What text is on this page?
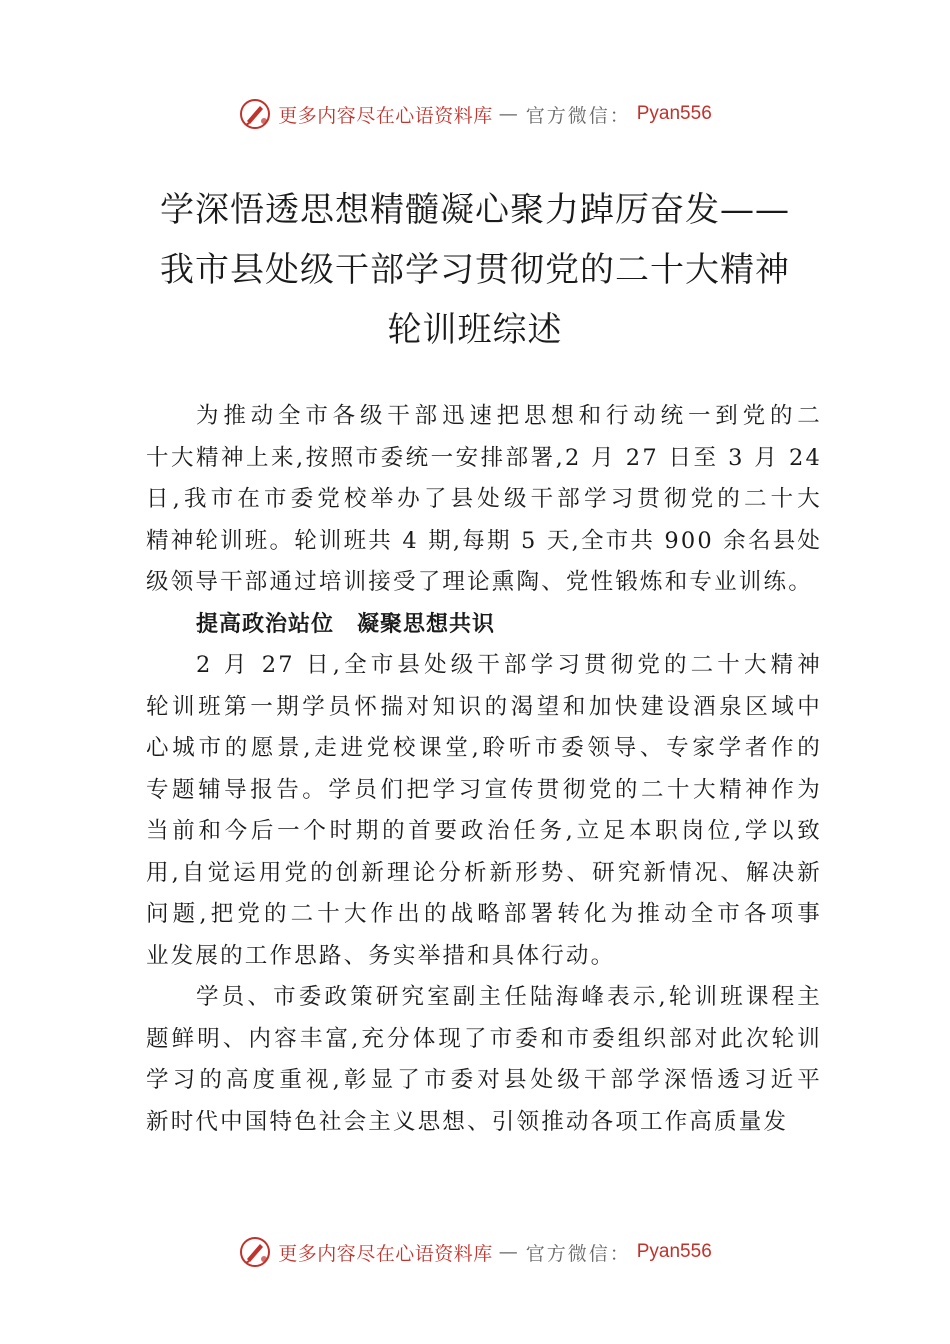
更多内容尽在心语资料库 — 官方微信： Pyan556
学深悟透思想精髓凝心聚力踔厉奋发——
我市县处级干部学习贯彻党的二十大精神
轮训班综述
为推动全市各级干部迅速把思想和行动统一到党的二
十大精神上来,按照市委统一安排部署,2 月 27 日至 3 月 24
日,我市在市委党校举办了县处级干部学习贯彻党的二十大
精神轮训班。轮训班共 4 期,每期 5 天,全市共 900 余名县处
级领导干部通过培训接受了理论熏陶、党性锻炼和专业训练。
提高政治站位　凝聚思想共识
2 月 27 日,全市县处级干部学习贯彻党的二十大精神
轮训班第一期学员怀揣对知识的渴望和加快建设酒泉区域中
心城市的愿景,走进党校课堂,聆听市委领导、专家学者作的
专题辅导报告。学员们把学习宣传贯彻党的二十大精神作为
当前和今后一个时期的首要政治任务,立足本职岗位,学以致
用,自觉运用党的创新理论分析新形势、研究新情况、解决新
问题,把党的二十大作出的战略部署转化为推动全市各项事
业发展的工作思路、务实举措和具体行动。
学员、市委政策研究室副主任陆海峰表示,轮训班课程主
题鲜明、内容丰富,充分体现了市委和市委组织部对此次轮训
学习的高度重视,彰显了市委对县处级干部学深悟透习近平
新时代中国特色社会主义思想、引领推动各项工作高质量发
更多内容尽在心语资料库 — 官方微信： Pyan556
